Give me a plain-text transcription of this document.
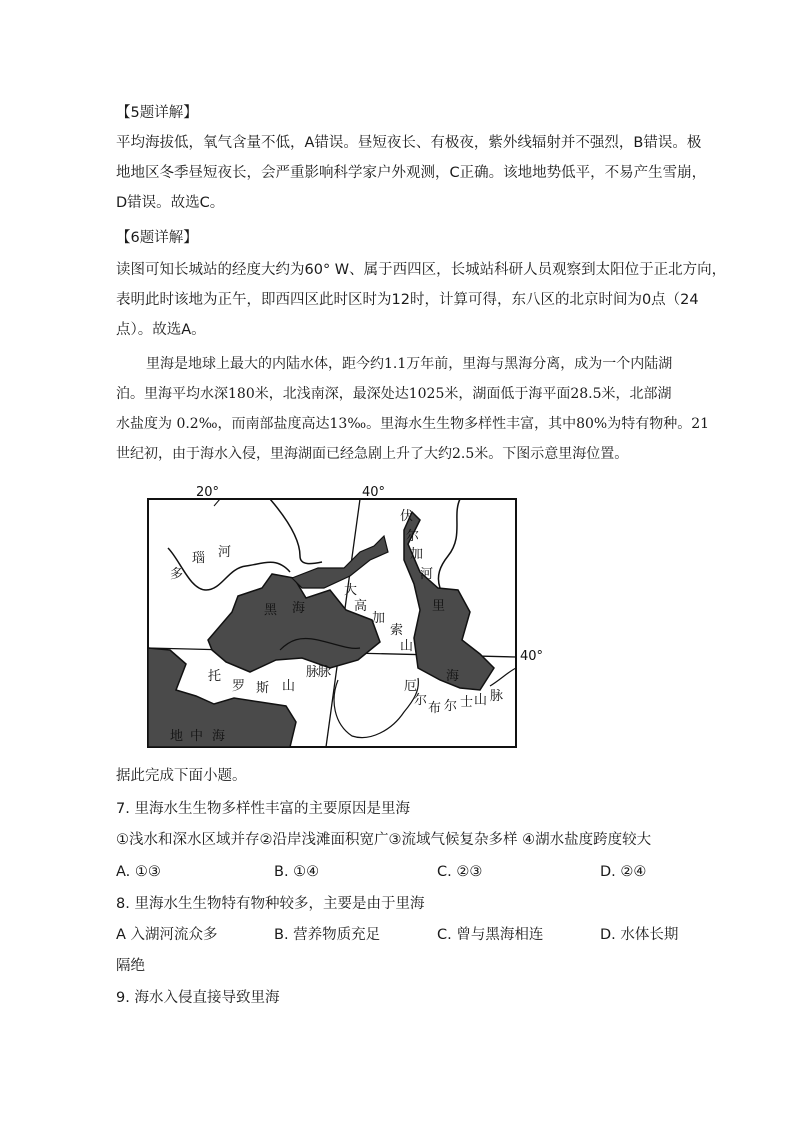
【5题详解】
平均海拔低，氧气含量不低，A错误。昼短夜长、有极夜，紫外线辐射并不强烈，B错误。极
地地区冬季昼短夜长，会严重影响科学家户外观测，C正确。该地地势低平，不易产生雪崩，
D错误。故选C。
【6题详解】
读图可知长城站的经度大约为60° W、属于西四区，长城站科研人员观察到太阳位于正北方向，
表明此时该地为正午，即西四区此时区时为12时，计算可得，东八区的北京时间为0点（24
点）。故选A。
里海是地球上最大的内陆水体，距今约1.1万年前，里海与黑海分离，成为一个内陆湖
泊。里海平均水深180米，北浅南深，最深处达1025米，湖面低于海平面28.5米，北部湖
水盐度为 0.2‰，而南部盐度高达13‰。里海水生生物多样性丰富，其中80%为特有物种。21
世纪初，由于海水入侵，里海湖面已经急剧上升了大约2.5米。下图示意里海位置。
20°	40°
40°
伏
尔
加
河
多
瑙 河
黑 海
大
高
加
索
山
脉
里
海
托
罗 斯 山
脉
厄
尔
布 尔 士 山 脉
地 中 海
据此完成下面小题。
7. 里海水生生物多样性丰富的主要原因是里海
①浅水和深水区域并存②沿岸浅滩面积宽广③流域气候复杂多样 ④湖水盐度跨度较大
A. ①③	B. ①④	C. ②③	D. ②④
8. 里海水生生物特有物种较多，主要是由于里海
A 入湖河流众多	B. 营养物质充足	C. 曾与黑海相连	D. 水体长期
隔绝
9. 海水入侵直接导致里海
